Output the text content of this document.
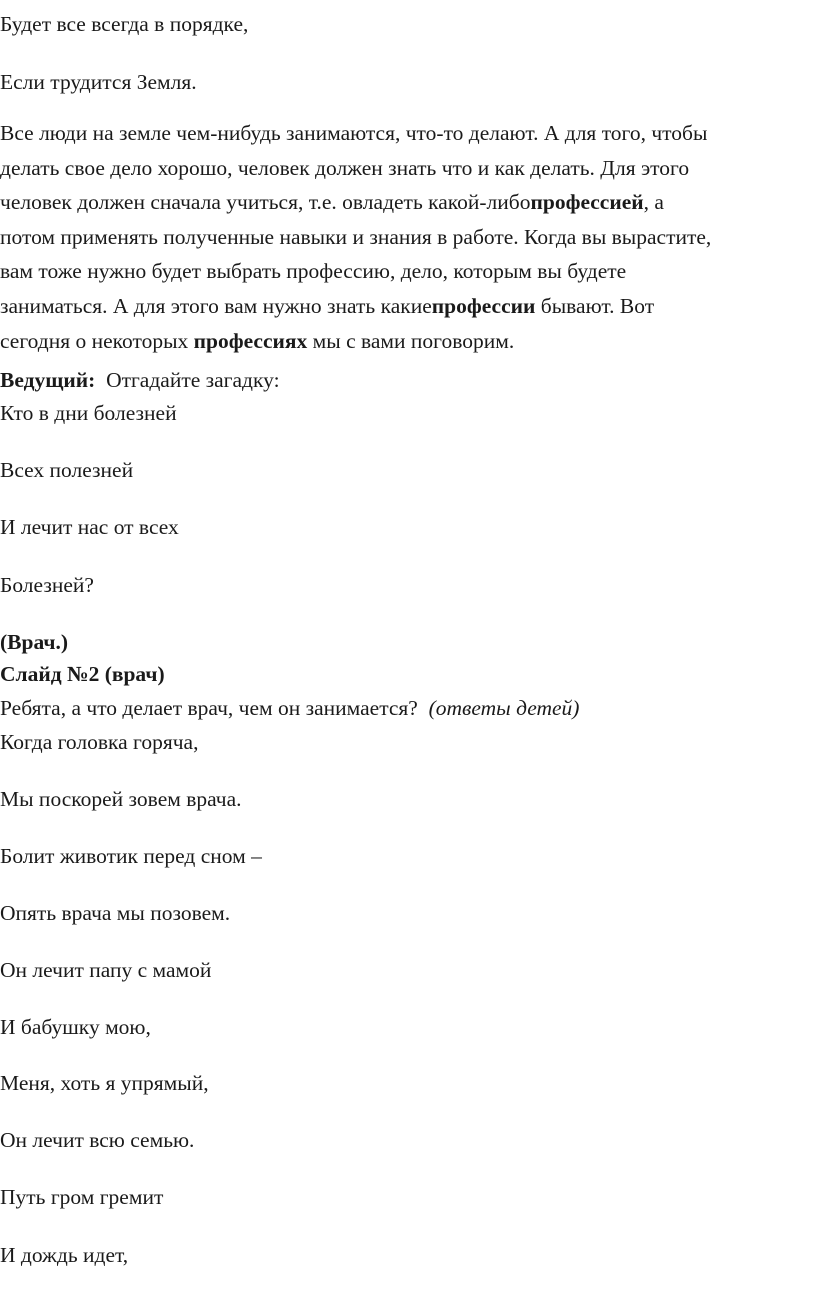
Будет все всегда в порядке,
Если трудится Земля.
Все люди на земле чем-нибудь занимаются, что-то делают. А для того, чтобы
делать свое дело хорошо, человек должен знать что и как делать. Для этого
человек должен сначала учиться, т.е. овладеть какой-либопрофессией, а
потом применять полученные навыки и знания в работе. Когда вы вырастите,
вам тоже нужно будет выбрать профессию, дело, которым вы будете
заниматься. А для этого вам нужно знать какиепрофессии бывают. Вот
сегодня о некоторых профессиях мы с вами поговорим.
Ведущий:  Отгадайте загадку:
Кто в дни болезней
Всех полезней
И лечит нас от всех
Болезней?
(Врач.)
Слайд №2 (врач)
Ребята, а что делает врач, чем он занимается?  (ответы детей)
Когда головка горяча,
Мы поскорей зовем врача.
Болит животик перед сном –
Опять врача мы позовем.
Он лечит папу с мамой
И бабушку мою,
Меня, хоть я упрямый,
Он лечит всю семью.
Путь гром гремит
И дождь идет,
